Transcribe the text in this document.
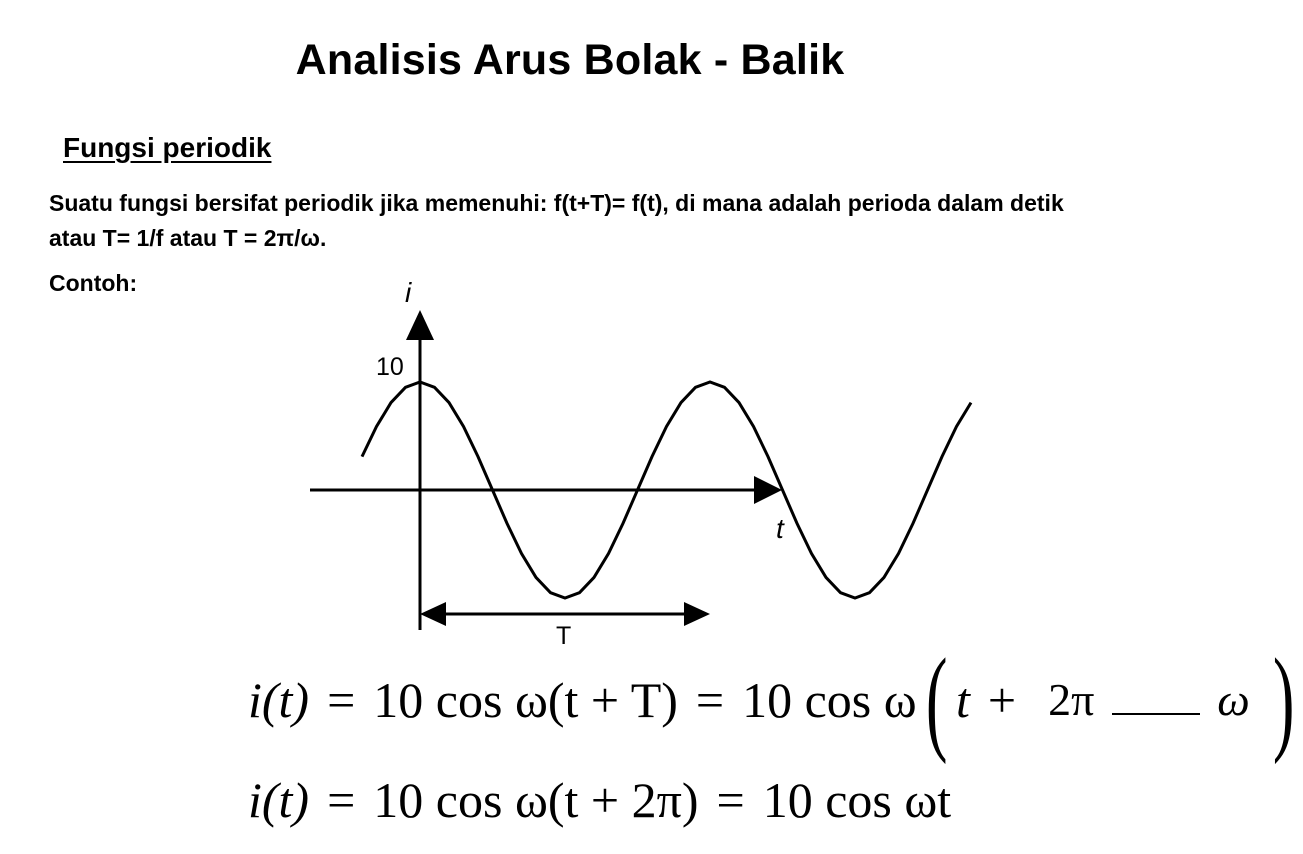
Analisis Arus Bolak - Balik
Fungsi periodik
Suatu fungsi bersifat periodik jika memenuhi: f(t+T)= f(t), di mana adalah perioda dalam detik atau T= 1/f atau T = 2π/ω.
Contoh:	i
t
10
T
i(t) = 10 cos ω(t + T) = 10 cos ω ( t + 2π	ω )
i(t) = 10 cos ω(t + 2π) = 10 cos ωt
